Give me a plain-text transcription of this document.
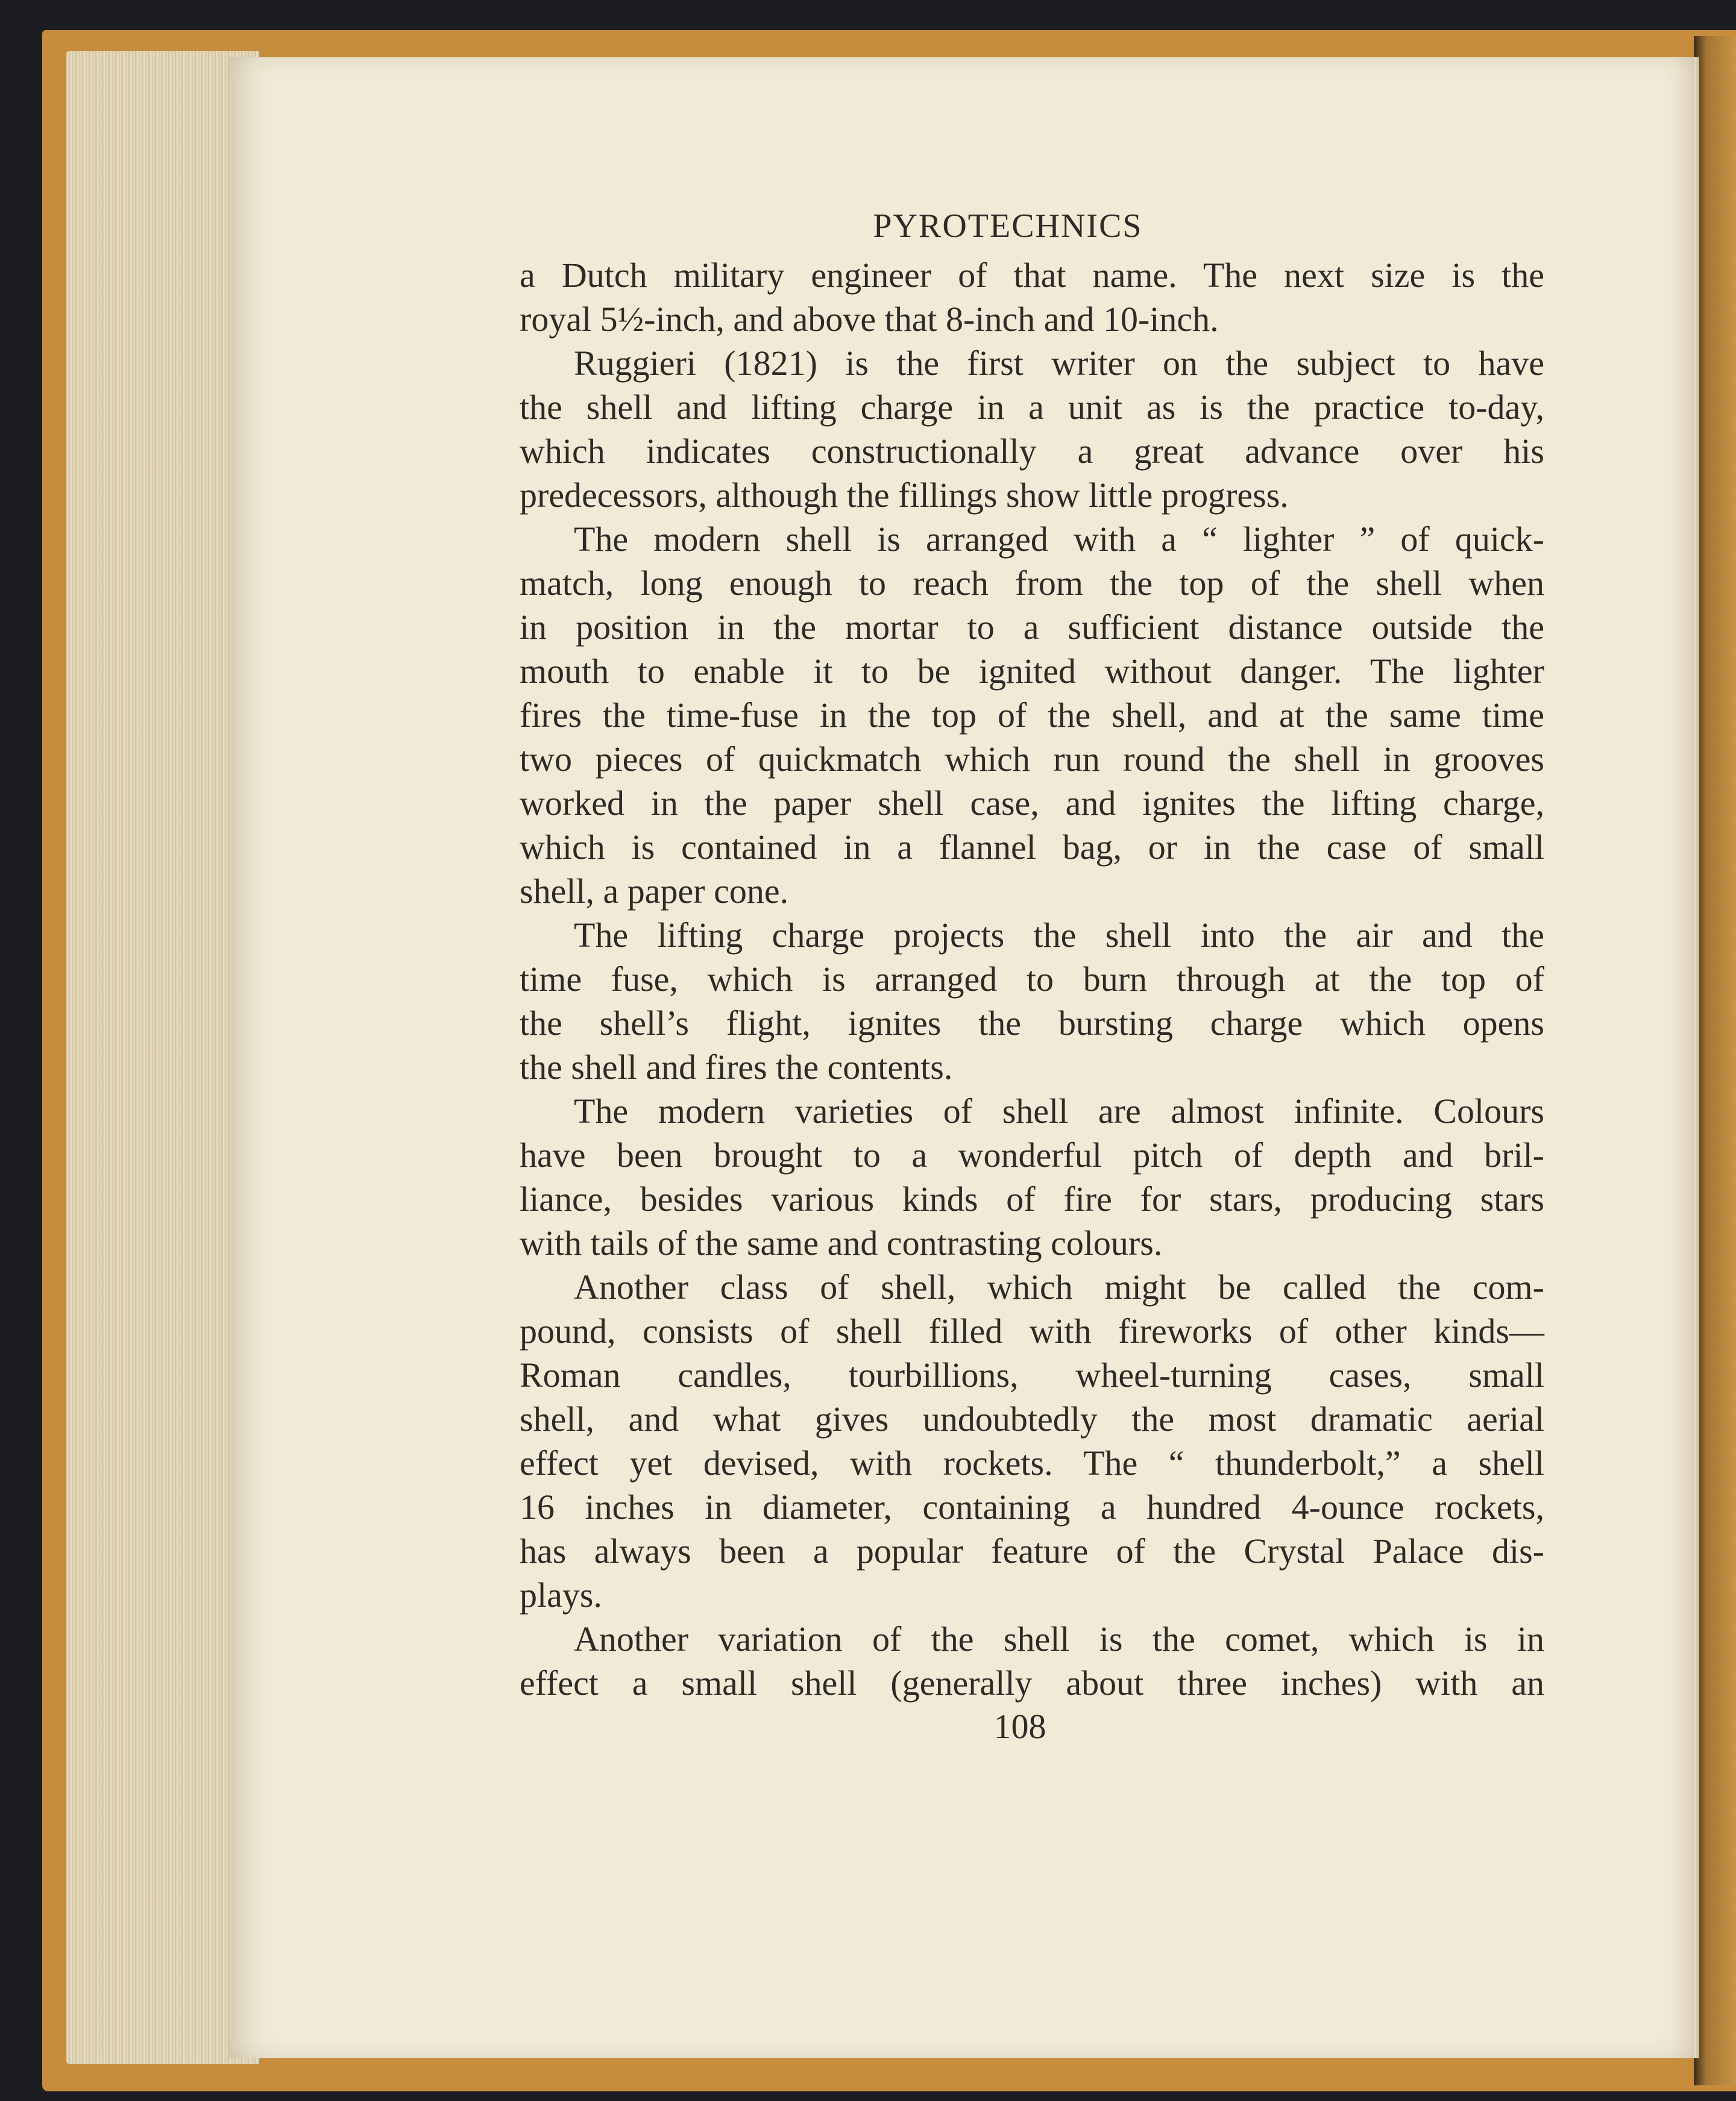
PYROTECHNICS
a Dutch military engineer of that name. The next size is the
royal 5½-inch, and above that 8-inch and 10-inch.
Ruggieri (1821) is the first writer on the subject to have
the shell and lifting charge in a unit as is the practice to-day,
which indicates constructionally a great advance over his
predecessors, although the fillings show little progress.
The modern shell is arranged with a “ lighter ” of quick-
match, long enough to reach from the top of the shell when
in position in the mortar to a sufficient distance outside the
mouth to enable it to be ignited without danger. The lighter
fires the time-fuse in the top of the shell, and at the same time
two pieces of quickmatch which run round the shell in grooves
worked in the paper shell case, and ignites the lifting charge,
which is contained in a flannel bag, or in the case of small
shell, a paper cone.
The lifting charge projects the shell into the air and the
time fuse, which is arranged to burn through at the top of
the shell’s flight, ignites the bursting charge which opens
the shell and fires the contents.
The modern varieties of shell are almost infinite. Colours
have been brought to a wonderful pitch of depth and bril-
liance, besides various kinds of fire for stars, producing stars
with tails of the same and contrasting colours.
Another class of shell, which might be called the com-
pound, consists of shell filled with fireworks of other kinds—
Roman candles, tourbillions, wheel-turning cases, small
shell, and what gives undoubtedly the most dramatic aerial
effect yet devised, with rockets. The “ thunderbolt,” a shell
16 inches in diameter, containing a hundred 4-ounce rockets,
has always been a popular feature of the Crystal Palace dis-
plays.
Another variation of the shell is the comet, which is in
effect a small shell (generally about three inches) with an
108
